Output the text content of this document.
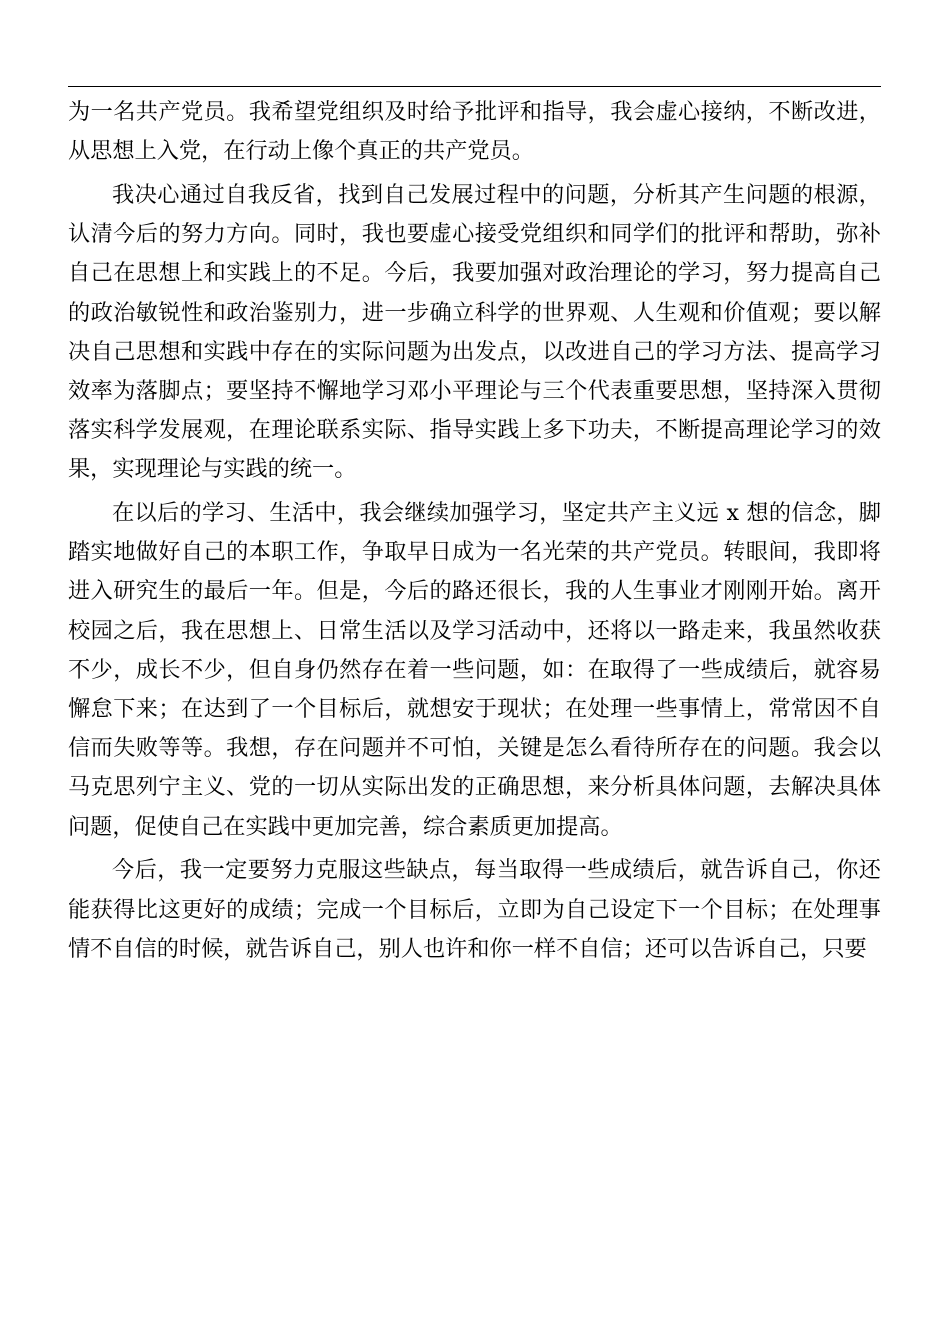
为一名共产党员。我希望党组织及时给予批评和指导，我会虚心接纳，不断改进，从思想上入党，在行动上像个真正的共产党员。

我决心通过自我反省，找到自己发展过程中的问题，分析其产生问题的根源，认清今后的努力方向。同时，我也要虚心接受党组织和同学们的批评和帮助，弥补自己在思想上和实践上的不足。今后，我要加强对政治理论的学习，努力提高自己的政治敏锐性和政治鉴别力，进一步确立科学的世界观、人生观和价值观；要以解决自己思想和实践中存在的实际问题为出发点，以改进自己的学习方法、提高学习效率为落脚点；要坚持不懈地学习邓小平理论与三个代表重要思想，坚持深入贯彻落实科学发展观，在理论联系实际、指导实践上多下功夫，不断提高理论学习的效果，实现理论与实践的统一。

在以后的学习、生活中，我会继续加强学习，坚定共产主义远 x 想的信念，脚踏实地做好自己的本职工作，争取早日成为一名光荣的共产党员。转眼间，我即将进入研究生的最后一年。但是，今后的路还很长，我的人生事业才刚刚开始。离开校园之后，我在思想上、日常生活以及学习活动中，还将以一路走来，我虽然收获不少，成长不少，但自身仍然存在着一些问题，如：在取得了一些成绩后，就容易懈怠下来；在达到了一个目标后，就想安于现状；在处理一些事情上，常常因不自信而失败等等。我想，存在问题并不可怕，关键是怎么看待所存在的问题。我会以马克思列宁主义、党的一切从实际出发的正确思想，来分析具体问题，去解决具体问题，促使自己在实践中更加完善，综合素质更加提高。

今后，我一定要努力克服这些缺点，每当取得一些成绩后，就告诉自己，你还能获得比这更好的成绩；完成一个目标后，立即为自己设定下一个目标；在处理事情不自信的时候，就告诉自己，别人也许和你一样不自信；还可以告诉自己，只要
